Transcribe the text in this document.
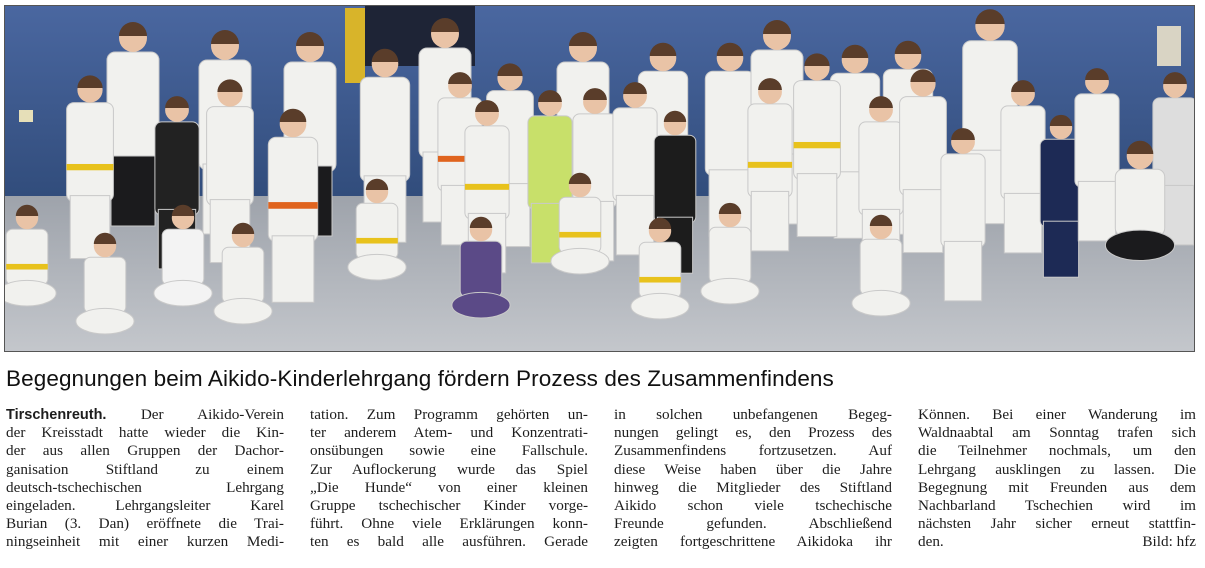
Begegnungen beim Aikido-Kinderlehrgang fördern Prozess des Zusammenfindens
Tirschenreuth. Der Aikido-Verein
der Kreisstadt hatte wieder die Kin-
der aus allen Gruppen der Dachor-
ganisation Stiftland zu einem
deutsch-tschechischen Lehrgang
eingeladen. Lehrgangsleiter Karel
Burian (3. Dan) eröffnete die Trai-
ningseinheit mit einer kurzen Medi-
tation. Zum Programm gehörten un-
ter anderem Atem- und Konzentrati-
onsübungen sowie eine Fallschule.
Zur Auflockerung wurde das Spiel
„Die Hunde“ von einer kleinen
Gruppe tschechischer Kinder vorge-
führt. Ohne viele Erklärungen konn-
ten es bald alle ausführen. Gerade
in solchen unbefangenen Begeg-
nungen gelingt es, den Prozess des
Zusammenfindens fortzusetzen. Auf
diese Weise haben über die Jahre
hinweg die Mitglieder des Stiftland
Aikido schon viele tschechische
Freunde gefunden. Abschließend
zeigten fortgeschrittene Aikidoka ihr
Können. Bei einer Wanderung im
Waldnaabtal am Sonntag trafen sich
die Teilnehmer nochmals, um den
Lehrgang ausklingen zu lassen. Die
Begegnung mit Freunden aus dem
Nachbarland Tschechien wird im
nächsten Jahr sicher erneut stattfin-
den.	Bild: hfz
